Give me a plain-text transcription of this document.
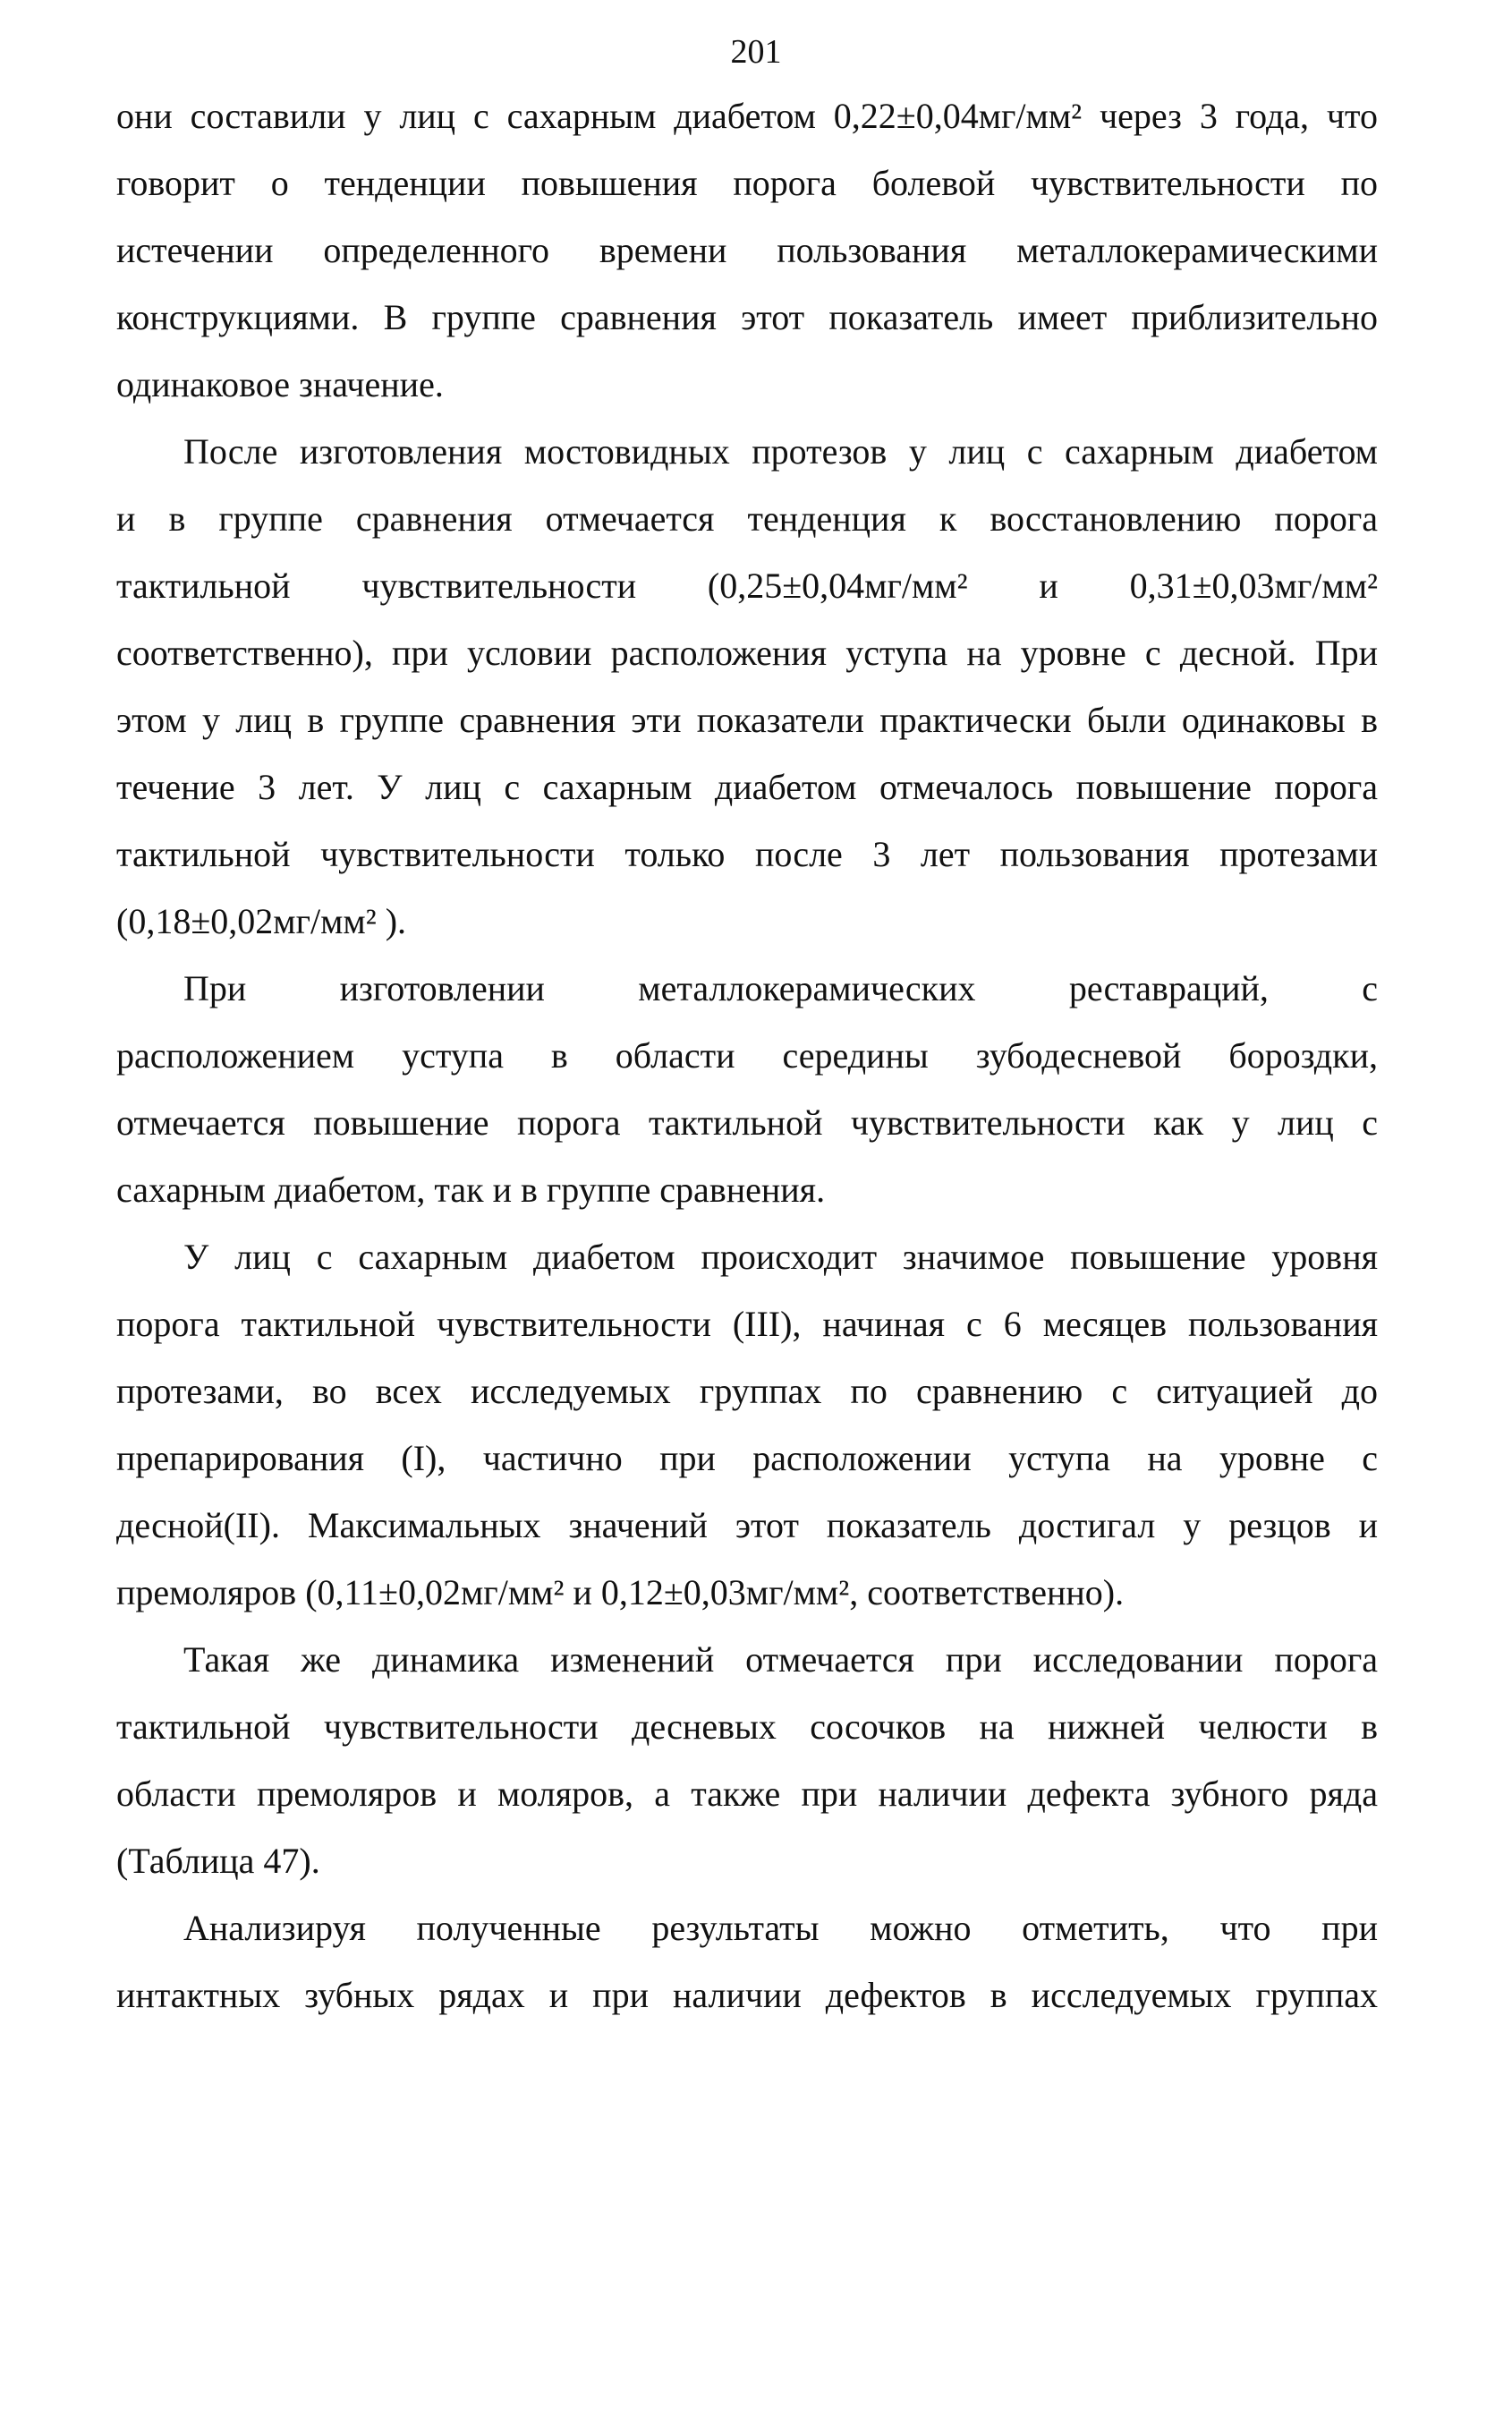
201
они составили у лиц с сахарным диабетом 0,22±0,04мг/мм² через 3 года, что
говорит о тенденции повышения порога болевой чувствительности по
истечении определенного времени пользования металлокерамическими
конструкциями. В группе сравнения этот показатель имеет приблизительно
одинаковое значение.
После изготовления мостовидных протезов у лиц с сахарным диабетом
и в группе сравнения отмечается тенденция к восстановлению порога
тактильной чувствительности (0,25±0,04мг/мм² и 0,31±0,03мг/мм²
соответственно), при условии расположения уступа на уровне с десной. При
этом у лиц в группе сравнения эти показатели практически были одинаковы в
течение 3 лет. У лиц с сахарным диабетом отмечалось повышение порога
тактильной чувствительности только после 3 лет пользования протезами
(0,18±0,02мг/мм² ).
При изготовлении металлокерамических реставраций, с
расположением уступа в области середины зубодесневой бороздки,
отмечается повышение порога тактильной чувствительности как у лиц с
сахарным диабетом, так и в группе сравнения.
У лиц с сахарным диабетом происходит значимое повышение уровня
порога тактильной чувствительности (III), начиная с 6 месяцев пользования
протезами, во всех исследуемых группах по сравнению с ситуацией до
препарирования (I), частично при расположении уступа на уровне с
десной(II). Максимальных значений этот показатель достигал у резцов и
премоляров (0,11±0,02мг/мм² и 0,12±0,03мг/мм², соответственно).
Такая же динамика изменений отмечается при исследовании порога
тактильной чувствительности десневых сосочков на нижней челюсти в
области премоляров и моляров, а также при наличии дефекта зубного ряда
(Таблица 47).
Анализируя полученные результаты можно отметить, что при
интактных зубных рядах и при наличии дефектов в исследуемых группах
